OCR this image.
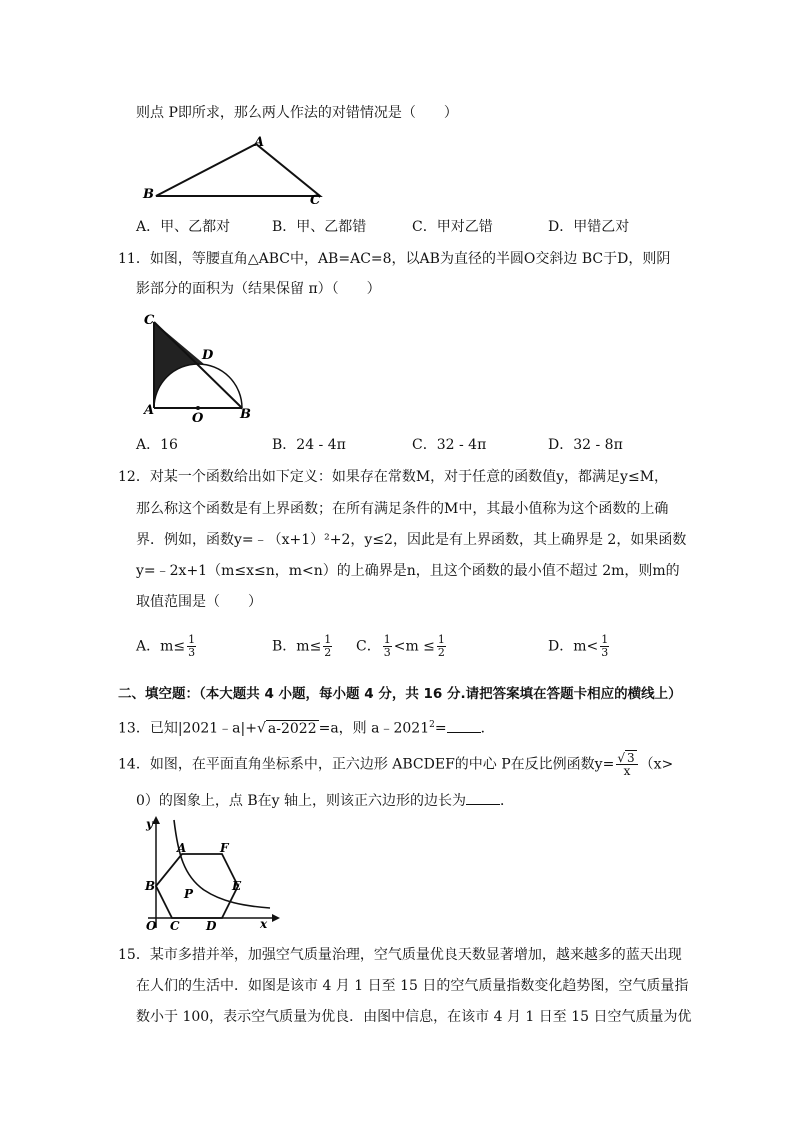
则点 P即所求，那么两人作法的对错情况是（　　）
A
B	C
A．甲、乙都对	B．甲、乙都错	C．甲对乙错	D．甲错乙对
11．如图，等腰直角△ABC中，AB=AC=8，以AB为直径的半圆O交斜边 BC于D，则阴
影部分的面积为（结果保留 π）（　　）
C
D
A
O	B
A．16	B．24 - 4π	C．32 - 4π	D．32 - 8π
12．对某一个函数给出如下定义：如果存在常数M，对于任意的函数值y，都满足y≤M，
那么称这个函数是有上界函数；在所有满足条件的M中，其最小值称为这个函数的上确
界．例如，函数y=﹣（x+1）²+2，y≤2，因此是有上界函数，其上确界是 2，如果函数
y=﹣2x+1（m≤x≤n，m<n）的上确界是n，且这个函数的最小值不超过 2m，则m的
取值范围是（　　）
A．$m\le \frac{1}{3}$	B．$m\le \frac{1}{2}$ C． $\frac{1}{3} <m \le \frac{1}{2}$	D．$m< \frac{1}{3}$
二、填空题：（本大题共 4 小题，每小题 4 分，共 16 分.请把答案填在答题卡相应的横线上）
13．已知|2021﹣a|+√ a-2022 =a，则 $a﹣2021^2=$ ．
14．如图，在平面直角坐标系中，正六边形 ABCDEF的中心 P在反比例函数$y= \frac{√ 3}{x} (x>$
0）的图象上，点 B在y 轴上，则该正六边形的边长为 ．
y
A	F
B
P
E
O C D	x
15．某市多措并举，加强空气质量治理，空气质量优良天数显著增加，越来越多的蓝天出现
在人们的生活中．如图是该市 4 月 1 日至 15 日的空气质量指数变化趋势图，空气质量指
数小于 100，表示空气质量为优良．由图中信息，在该市 4 月 1 日至 15 日空气质量为优
